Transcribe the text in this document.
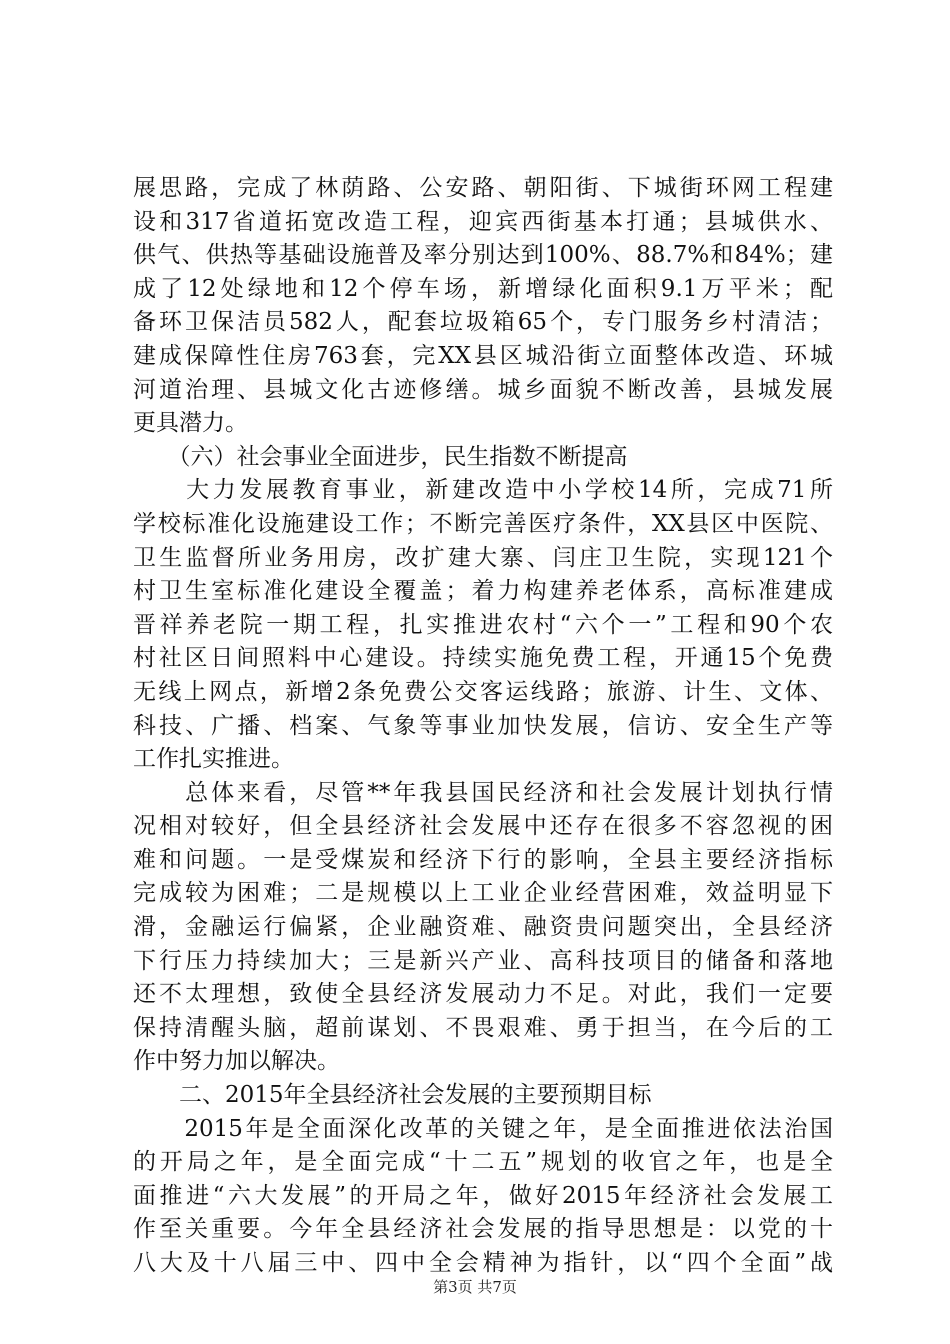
展思路，完成了林荫路、公安路、朝阳街、下城街环网工程建
设和317省道拓宽改造工程，迎宾西街基本打通；县城供水、
供气、供热等基础设施普及率分别达到100%、88.7%和84%；建
成了12处绿地和12个停车场，新增绿化面积9.1万平米；配
备环卫保洁员582人，配套垃圾箱65个，专门服务乡村清洁；
建成保障性住房763套，完XX县区城沿街立面整体改造、环城
河道治理、县城文化古迹修缮。城乡面貌不断改善，县城发展
更具潜力。
　　（六）社会事业全面进步，民生指数不断提高
　　大力发展教育事业，新建改造中小学校14所，完成71所
学校标准化设施建设工作；不断完善医疗条件，XX县区中医院、
卫生监督所业务用房，改扩建大寨、闫庄卫生院，实现121个
村卫生室标准化建设全覆盖；着力构建养老体系，高标准建成
晋祥养老院一期工程，扎实推进农村“六个一”工程和90个农
村社区日间照料中心建设。持续实施免费工程，开通15个免费
无线上网点，新增2条免费公交客运线路；旅游、计生、文体、
科技、广播、档案、气象等事业加快发展，信访、安全生产等
工作扎实推进。
　　总体来看，尽管**年我县国民经济和社会发展计划执行情
况相对较好，但全县经济社会发展中还存在很多不容忽视的困
难和问题。一是受煤炭和经济下行的影响，全县主要经济指标
完成较为困难；二是规模以上工业企业经营困难，效益明显下
滑，金融运行偏紧，企业融资难、融资贵问题突出，全县经济
下行压力持续加大；三是新兴产业、高科技项目的储备和落地
还不太理想，致使全县经济发展动力不足。对此，我们一定要
保持清醒头脑，超前谋划、不畏艰难、勇于担当，在今后的工
作中努力加以解决。
　　二、2015年全县经济社会发展的主要预期目标
　　2015年是全面深化改革的关键之年，是全面推进依法治国
的开局之年，是全面完成“十二五”规划的收官之年，也是全
面推进“六大发展”的开局之年，做好2015年经济社会发展工
作至关重要。今年全县经济社会发展的指导思想是：以党的十
八大及十八届三中、四中全会精神为指针，以“四个全面”战
第3页 共7页
